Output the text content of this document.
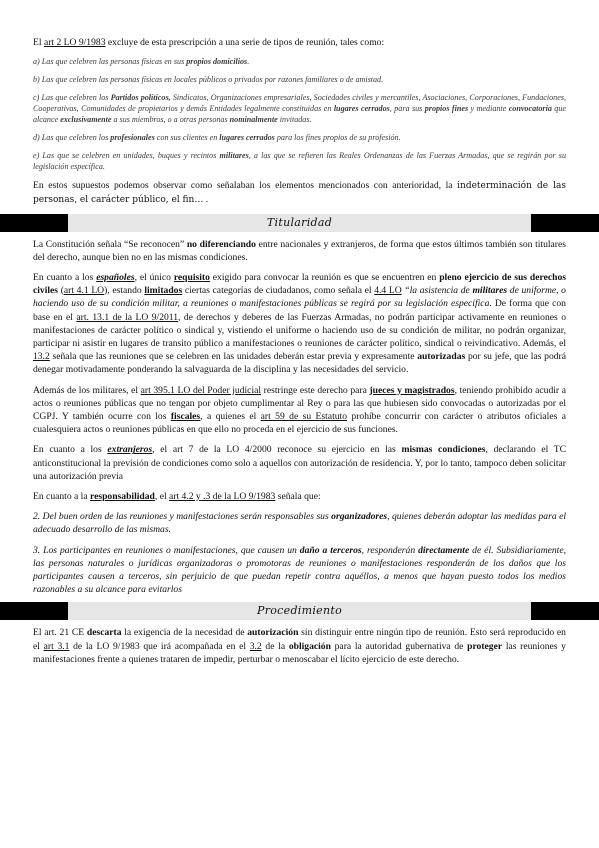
El art 2 LO 9/1983 excluye de esta prescripción a una serie de tipos de reunión, tales como:

a) Las que celebren las personas físicas en sus propios domicilios.

b) Las que celebren las personas físicas en locales públicos o privados por razones familiares o de amistad.

c) Las que celebren los Partidos políticos, Sindicatos, Organizaciones empresariales, Sociedades civiles y mercantiles, Asociaciones, Corporaciones, Fundaciones, Cooperativas, Comunidades de propietarios y demás Entidades legalmente constituidas en lugares cerrados, para sus propios fines y mediante convocatoria que alcance exclusivamente a sus miembros, o a otras personas nominalmente invitadas.

d) Las que celebren los profesionales con sus clientes en lugares cerrados para los fines propios de su profesión.

e) Las que se celebren en unidades, buques y recintos militares, a las que se refieren las Reales Ordenanzas de las Fuerzas Armadas, que se regirán por su legislación específica.

En estos supuestos podemos observar como señalaban los elementos mencionados con anterioridad, la indeterminación de las personas, el carácter público, el fin… .

Titularidad

La Constitución señala “Se reconocen” no diferenciando entre nacionales y extranjeros, de forma que estos últimos también son titulares del derecho, aunque bien no en las mismas condiciones.

En cuanto a los españoles, el único requisito exigido para convocar la reunión es que se encuentren en pleno ejercicio de sus derechos civiles (art 4.1 LO), estando limitados ciertas categorías de ciudadanos, como señala el 4.4 LO “la asistencia de militares de uniforme, o haciendo uso de su condición militar, a reuniones o manifestaciones públicas se regirá por su legislación específica. De forma que con base en el art. 13.1 de la LO 9/2011, de derechos y deberes de las Fuerzas Armadas, no podrán participar activamente en reuniones o manifestaciones de carácter político o sindical y, vistiendo el uniforme o haciendo uso de su condición de militar, no podrán organizar, participar ni asistir en lugares de transito público a manifestaciones o reuniones de carácter político, sindical o reivindicativo. Además, el 13.2 señala que las reuniones que se celebren en las unidades deberán estar previa y expresamente autorizadas por su jefe, que las podrá denegar motivadamente ponderando la salvaguarda de la disciplina y las necesidades del servicio.

Además de los militares, el art 395.1 LO del Poder judicial restringe este derecho para jueces y magistrados, teniendo prohibido acudir a actos o reuniones públicas que no tengan por objeto cumplimentar al Rey o para las que hubiesen sido convocadas o autorizadas por el CGPJ. Y también ocurre con los fiscales, a quienes el art 59 de su Estatuto prohíbe concurrir con carácter o atributos oficiales a cualesquiera actos o reuniones públicas en que ello no proceda en el ejercicio de sus funciones.

En cuanto a los extranjeros, el art 7 de la LO 4/2000 reconoce su ejercicio en las mismas condiciones, declarando el TC anticonstitucional la previsión de condiciones como solo a aquellos con autorización de residencia. Y, por lo tanto, tampoco deben solicitar una autorización previa

En cuanto a la responsabilidad, el art 4.2 y .3 de la LO 9/1983 señala que:

2. Del buen orden de las reuniones y manifestaciones serán responsables sus organizadores, quienes deberán adoptar las medidas para el adecuado desarrollo de las mismas.

3. Los participantes en reuniones o manifestaciones, que causen un daño a terceros, responderán directamente de él. Subsidiariamente, las personas naturales o jurídicas organizadoras o promotoras de reuniones o manifestaciones responderán de los daños que los participantes causen a terceros, sin perjuicio de que puedan repetir contra aquéllos, a menos que hayan puesto todos los medios razonables a su alcance para evitarlos

Procedimiento

El art. 21 CE descarta la exigencia de la necesidad de autorización sin distinguir entre ningún tipo de reunión. Esto será reproducido en el art 3.1 de la LO 9/1983 que irá acompañada en el 3.2 de la obligación para la autoridad gubernativa de proteger las reuniones y manifestaciones frente a quienes trataren de impedir, perturbar o menoscabar el lícito ejercicio de este derecho.
